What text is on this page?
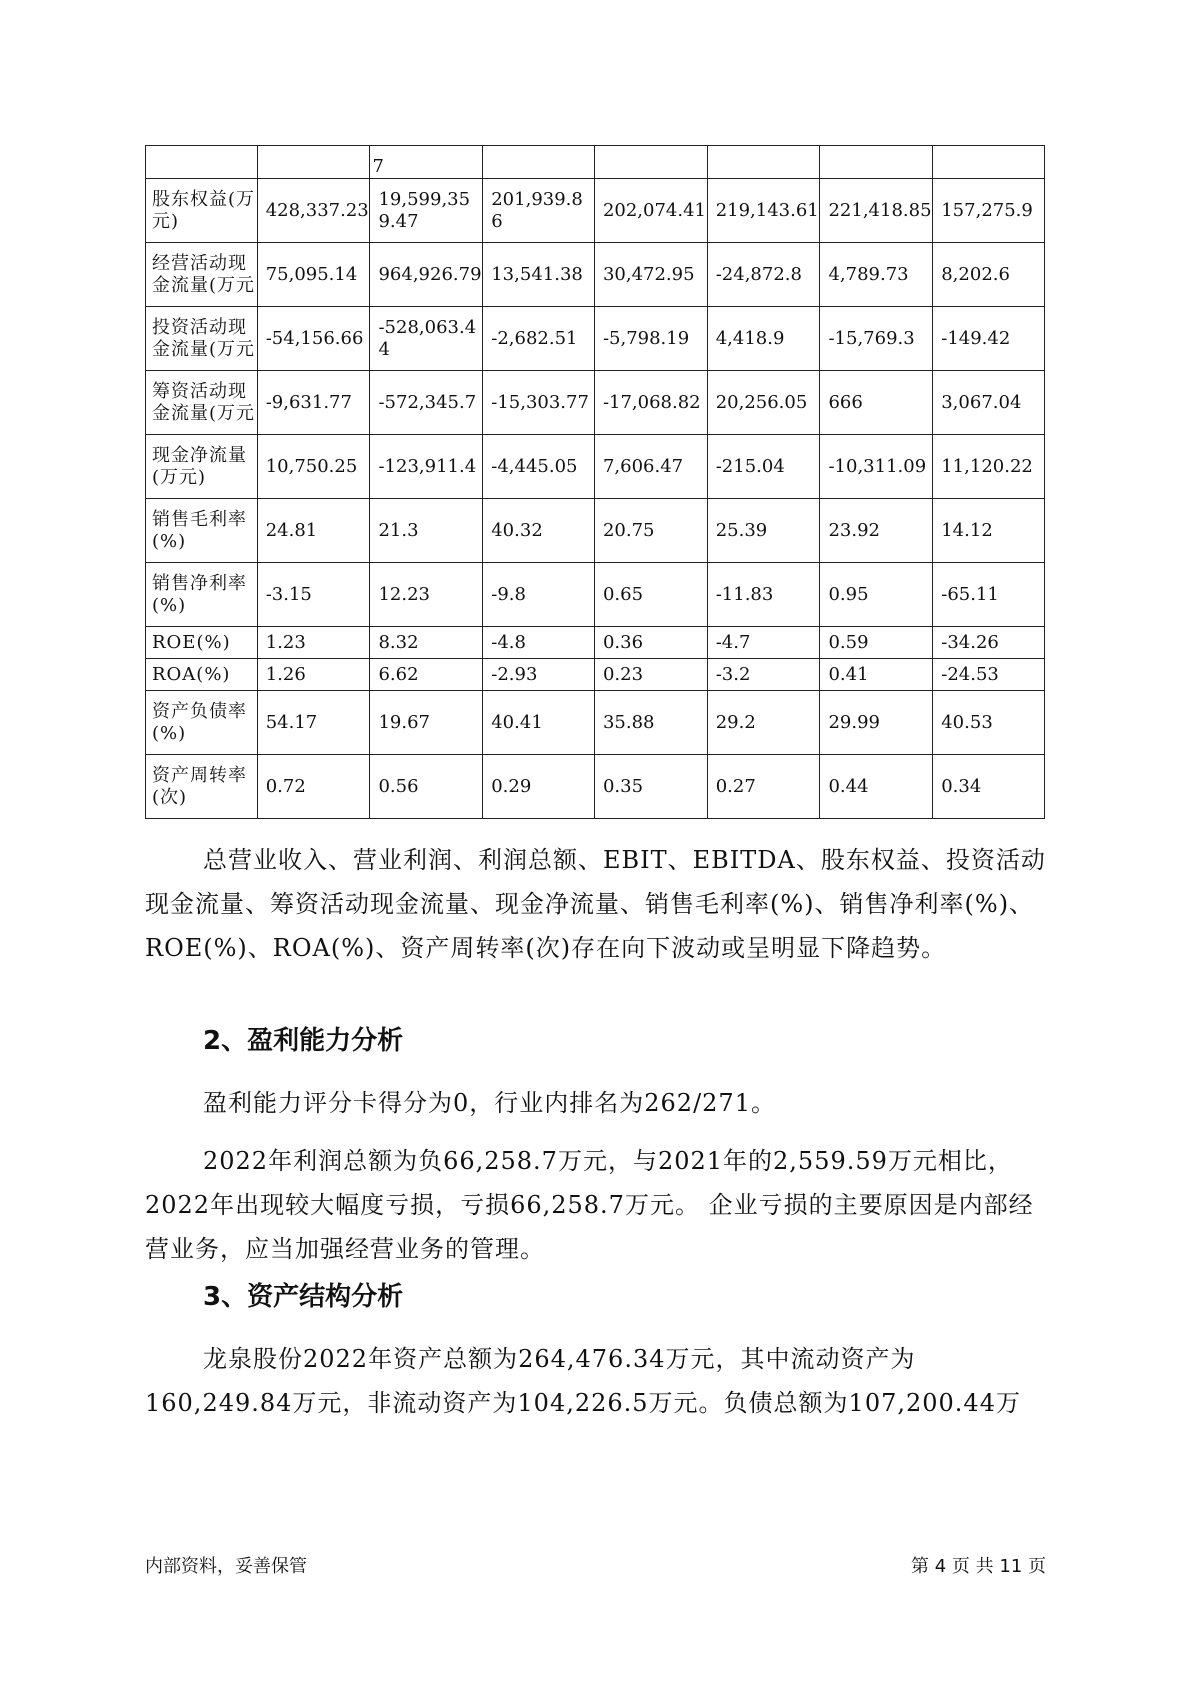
		7					
股东权益(万元)	428,337.23	19,599,359.47	201,939.86	202,074.41	219,143.61	221,418.85	157,275.9
经营活动现金流量(万元	75,095.14	964,926.79	13,541.38	30,472.95	-24,872.8	4,789.73	8,202.6
投资活动现金流量(万元	-54,156.66	-528,063.44	-2,682.51	-5,798.19	4,418.9	-15,769.3	-149.42
筹资活动现金流量(万元	-9,631.77	-572,345.7	-15,303.77	-17,068.82	20,256.05	666	3,067.04
现金净流量(万元)	10,750.25	-123,911.4	-4,445.05	7,606.47	-215.04	-10,311.09	11,120.22
销售毛利率(%)	24.81	21.3	40.32	20.75	25.39	23.92	14.12
销售净利率(%)	-3.15	12.23	-9.8	0.65	-11.83	0.95	-65.11
ROE(%)	1.23	8.32	-4.8	0.36	-4.7	0.59	-34.26
ROA(%)	1.26	6.62	-2.93	0.23	-3.2	0.41	-24.53
资产负债率(%)	54.17	19.67	40.41	35.88	29.2	29.99	40.53
资产周转率(次)	0.72	0.56	0.29	0.35	0.27	0.44	0.34

总营业收入、营业利润、利润总额、EBIT、EBITDA、股东权益、投资活动现金流量、筹资活动现金流量、现金净流量、销售毛利率(%)、销售净利率(%)、ROE(%)、ROA(%)、资产周转率(次)存在向下波动或呈明显下降趋势。

2、盈利能力分析

盈利能力评分卡得分为0，行业内排名为262/271。

2022年利润总额为负66,258.7万元，与2021年的2,559.59万元相比，2022年出现较大幅度亏损，亏损66,258.7万元。 企业亏损的主要原因是内部经营业务，应当加强经营业务的管理。

3、资产结构分析

龙泉股份2022年资产总额为264,476.34万元，其中流动资产为160,249.84万元，非流动资产为104,226.5万元。负债总额为107,200.44万

内部资料，妥善保管	第 4 页 共 11 页
